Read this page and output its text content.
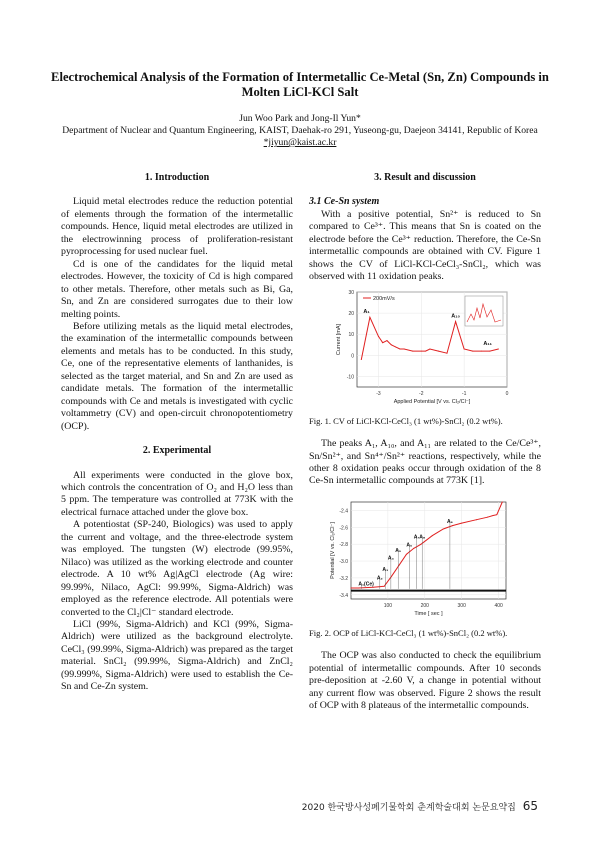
Electrochemical Analysis of the Formation of Intermetallic Ce-Metal (Sn, Zn) Compounds in Molten LiCl-KCl Salt
Jun Woo Park and Jong-Il Yun*
Department of Nuclear and Quantum Engineering, KAIST, Daehak-ro 291, Yuseong-gu, Daejeon 34141, Republic of Korea
*jiyun@kaist.ac.kr
1. Introduction

Liquid metal electrodes reduce the reduction potential of elements through the formation of the intermetallic compounds. Hence, liquid metal electrodes are utilized in the electrowinning process of proliferation-resistant pyroprocessing for used nuclear fuel.

Cd is one of the candidates for the liquid metal electrodes. However, the toxicity of Cd is high compared to other metals. Therefore, other metals such as Bi, Ga, Sn, and Zn are considered surrogates due to their low melting points.

Before utilizing metals as the liquid metal electrodes, the examination of the intermetallic compounds between elements and metals has to be conducted. In this study, Ce, one of the representative elements of lanthanides, is selected as the target material, and Sn and Zn are used as candidate metals. The formation of the intermetallic compounds with Ce and metals is investigated with cyclic voltammetry (CV) and open-circuit chronopotentiometry (OCP).

2. Experimental

All experiments were conducted in the glove box, which controls the concentration of O₂ and H₂O less than 5 ppm. The temperature was controlled at 773K with the electrical furnace attached under the glove box.

A potentiostat (SP-240, Biologics) was used to apply the current and voltage, and the three-electrode system was employed. The tungsten (W) electrode (99.95%, Nilaco) was utilized as the working electrode and counter electrode. A 10 wt% Ag|AgCl electrode (Ag wire: 99.99%, Nilaco, AgCl: 99.99%, Sigma-Aldrich) was employed as the reference electrode. All potentials were converted to the Cl₂|Cl⁻ standard electrode.

LiCl (99%, Sigma-Aldrich) and KCl (99%, Sigma-Aldrich) were utilized as the background electrolyte. CeCl₃ (99.99%, Sigma-Aldrich) was prepared as the target material. SnCl₂ (99.99%, Sigma-Aldrich) and ZnCl₂ (99.999%, Sigma-Aldrich) were used to establish the Ce-Sn and Ce-Zn system.

3. Result and discussion
3.1 Ce-Sn system

With a positive potential, Sn²⁺ is reduced to Sn compared to Ce³⁺. This means that Sn is coated on the electrode before the Ce³⁺ reduction. Therefore, the Ce-Sn intermetallic compounds are obtained with CV. Figure 1 shows the CV of LiCl-KCl-CeCl₃-SnCl₂, which was observed with 11 oxidation peaks.

-3	-2	-1	0
30
20
10
0
-10
Applied Potential [V vs. Cl₂/Cl⁻]
Current [mA]
200mV/s
A₁
A₁₀
A₁₁

Fig. 1. CV of LiCl-KCl-CeCl₃ (1 wt%)-SnCl₂ (0.2 wt%).

The peaks A₁, A₁₀, and A₁₁ are related to the Ce/Ce³⁺, Sn/Sn²⁺, and Sn⁴⁺/Sn²⁺ reactions, respectively, while the other 8 oxidation peaks occur through oxidation of the 8 Ce-Sn intermetallic compounds at 773K [1].

100	200	300	400
-2.4
-2.6
-2.8
-3.0
-3.2
-3.4
Time [ sec ]
Potential [V vs. Cl₂/Cl⁻]
A₁(Ce)
A₂
A₃
A₄
A₅
A₆
A₇ A₈
A₉

Fig. 2. OCP of LiCl-KCl-CeCl₃ (1 wt%)-SnCl₂ (0.2 wt%).

The OCP was also conducted to check the equilibrium potential of intermetallic compounds. After 10 seconds pre-deposition at -2.60 V, a change in potential without any current flow was observed. Figure 2 shows the result of OCP with 8 plateaus of the intermetallic compounds.

2020 한국방사성폐기물학회 춘계학술대회 논문요약집 65
